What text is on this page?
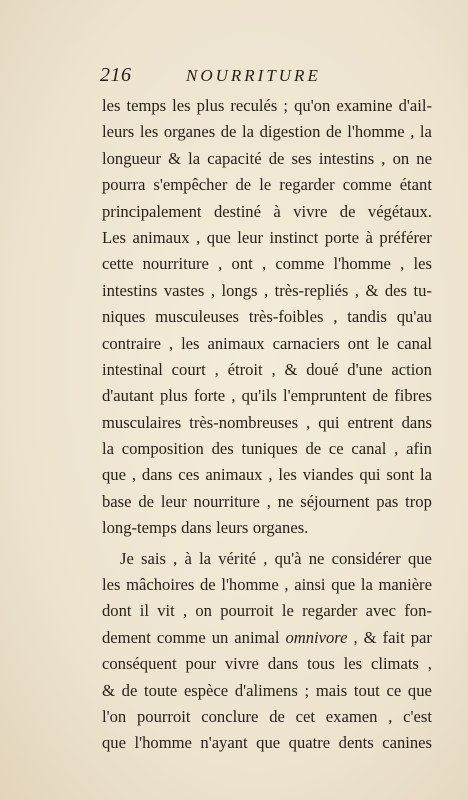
216	NOURRITURE
les temps les plus reculés ; qu'on examine d'ail-
leurs les organes de la digestion de l'homme , la
longueur & la capacité de ses intestins , on ne
pourra s'empêcher de le regarder comme étant
principalement destiné à vivre de végétaux.
Les animaux , que leur instinct porte à préférer
cette nourriture , ont , comme l'homme , les
intestins vastes , longs , très-repliés , & des tu-
niques musculeuses très-foibles , tandis qu'au
contraire , les animaux carnaciers ont le canal
intestinal court , étroit , & doué d'une action
d'autant plus forte , qu'ils l'empruntent de fibres
musculaires très-nombreuses , qui entrent dans
la composition des tuniques de ce canal , afin
que , dans ces animaux , les viandes qui sont la
base de leur nourriture , ne séjournent pas trop
long-temps dans leurs organes.
Je sais , à la vérité , qu'à ne considérer que
les mâchoires de l'homme , ainsi que la manière
dont il vit , on pourroit le regarder avec fon-
dement comme un animal omnivore , & fait par
conséquent pour vivre dans tous les climats ,
& de toute espèce d'alimens ; mais tout ce que
l'on pourroit conclure de cet examen , c'est
que l'homme n'ayant que quatre dents canines
